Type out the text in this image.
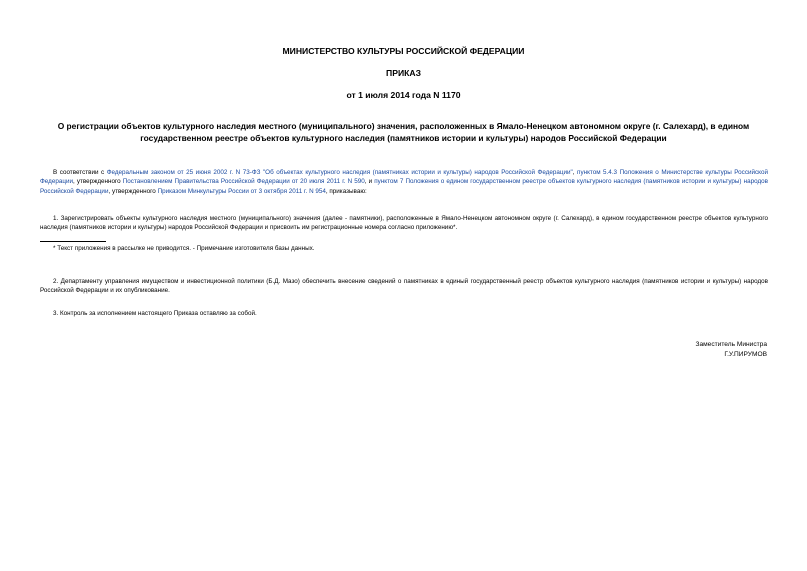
МИНИСТЕРСТВО КУЛЬТУРЫ РОССИЙСКОЙ ФЕДЕРАЦИИ
ПРИКАЗ
от 1 июля 2014 года N 1170
О регистрации объектов культурного наследия местного (муниципального) значения, расположенных в Ямало-Ненецком автономном округе (г. Салехард), в едином государственном реестре объектов культурного наследия (памятников истории и культуры) народов Российской Федерации
В соответствии с Федеральным законом от 25 июня 2002 г. N 73-ФЗ "Об объектах культурного наследия (памятниках истории и культуры) народов Российской Федерации", пунктом 5.4.3 Положения о Министерстве культуры Российской Федерации, утвержденного Постановлением Правительства Российской Федерации от 20 июля 2011 г. N 590, и пунктом 7 Положения о едином государственном реестре объектов культурного наследия (памятников истории и культуры) народов Российской Федерации, утвержденного Приказом Минкультуры России от 3 октября 2011 г. N 954, приказываю:
1. Зарегистрировать объекты культурного наследия местного (муниципального) значения (далее - памятники), расположенные в Ямало-Ненецком автономном округе (г. Салехард), в едином государственном реестре объектов культурного наследия (памятников истории и культуры) народов Российской Федерации и присвоить им регистрационные номера согласно приложению*.
* Текст приложения в рассылке не приводится. - Примечание изготовителя базы данных.
2. Департаменту управления имуществом и инвестиционной политики (Б.Д. Мазо) обеспечить внесение сведений о памятниках в единый государственный реестр объектов культурного наследия (памятников истории и культуры) народов Российской Федерации и их опубликование.
3. Контроль за исполнением настоящего Приказа оставляю за собой.
Заместитель Министра
Г.У.ПИРУМОВ
